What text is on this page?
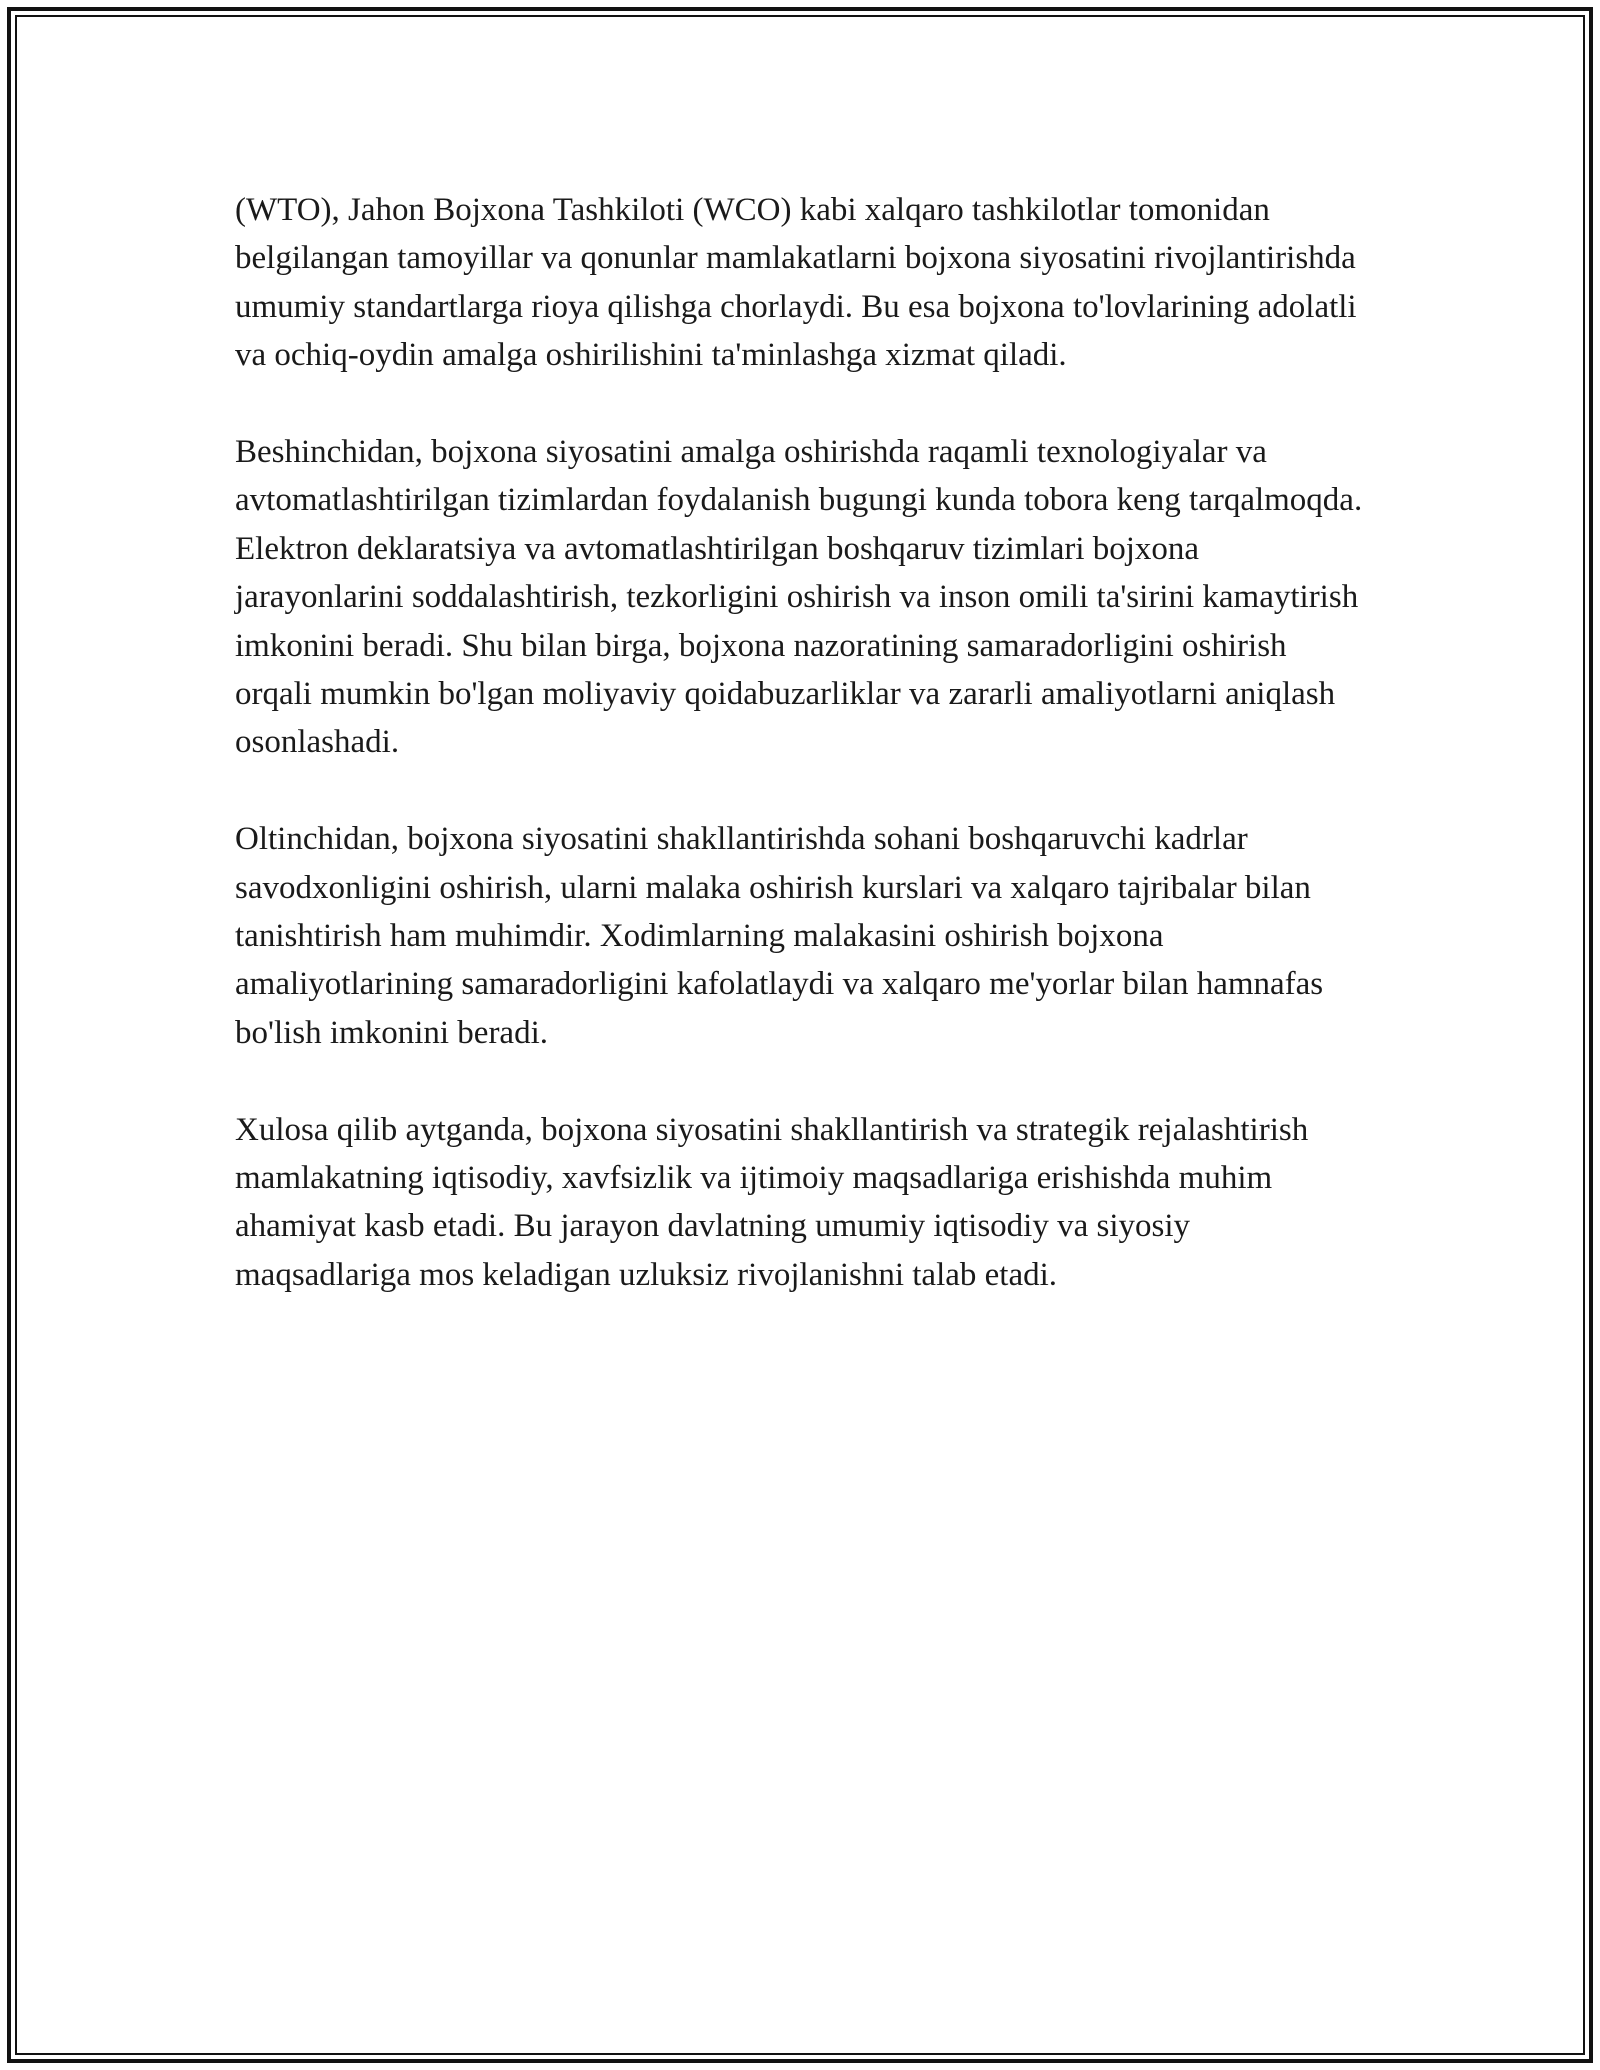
(WTO), Jahon Bojxona Tashkiloti (WCO) kabi xalqaro tashkilotlar tomonidan belgilangan tamoyillar va qonunlar mamlakatlarni bojxona siyosatini rivojlantirishda umumiy standartlarga rioya qilishga chorlaydi. Bu esa bojxona to'lovlarining adolatli va ochiq-oydin amalga oshirilishini ta'minlashga xizmat qiladi.

Beshinchidan, bojxona siyosatini amalga oshirishda raqamli texnologiyalar va avtomatlashtirilgan tizimlardan foydalanish bugungi kunda tobora keng tarqalmoqda. Elektron deklaratsiya va avtomatlashtirilgan boshqaruv tizimlari bojxona jarayonlarini soddalashtirish, tezkorligini oshirish va inson omili ta'sirini kamaytirish imkonini beradi. Shu bilan birga, bojxona nazoratining samaradorligini oshirish orqali mumkin bo'lgan moliyaviy qoidabuzarliklar va zararli amaliyotlarni aniqlash osonlashadi.

Oltinchidan, bojxona siyosatini shakllantirishda sohani boshqaruvchi kadrlar savodxonligini oshirish, ularni malaka oshirish kurslari va xalqaro tajribalar bilan tanishtirish ham muhimdir. Xodimlarning malakasini oshirish bojxona amaliyotlarining samaradorligini kafolatlaydi va xalqaro me'yorlar bilan hamnafas bo'lish imkonini beradi.

Xulosa qilib aytganda, bojxona siyosatini shakllantirish va strategik rejalashtirish mamlakatning iqtisodiy, xavfsizlik va ijtimoiy maqsadlariga erishishda muhim ahamiyat kasb etadi. Bu jarayon davlatning umumiy iqtisodiy va siyosiy maqsadlariga mos keladigan uzluksiz rivojlanishni talab etadi.
